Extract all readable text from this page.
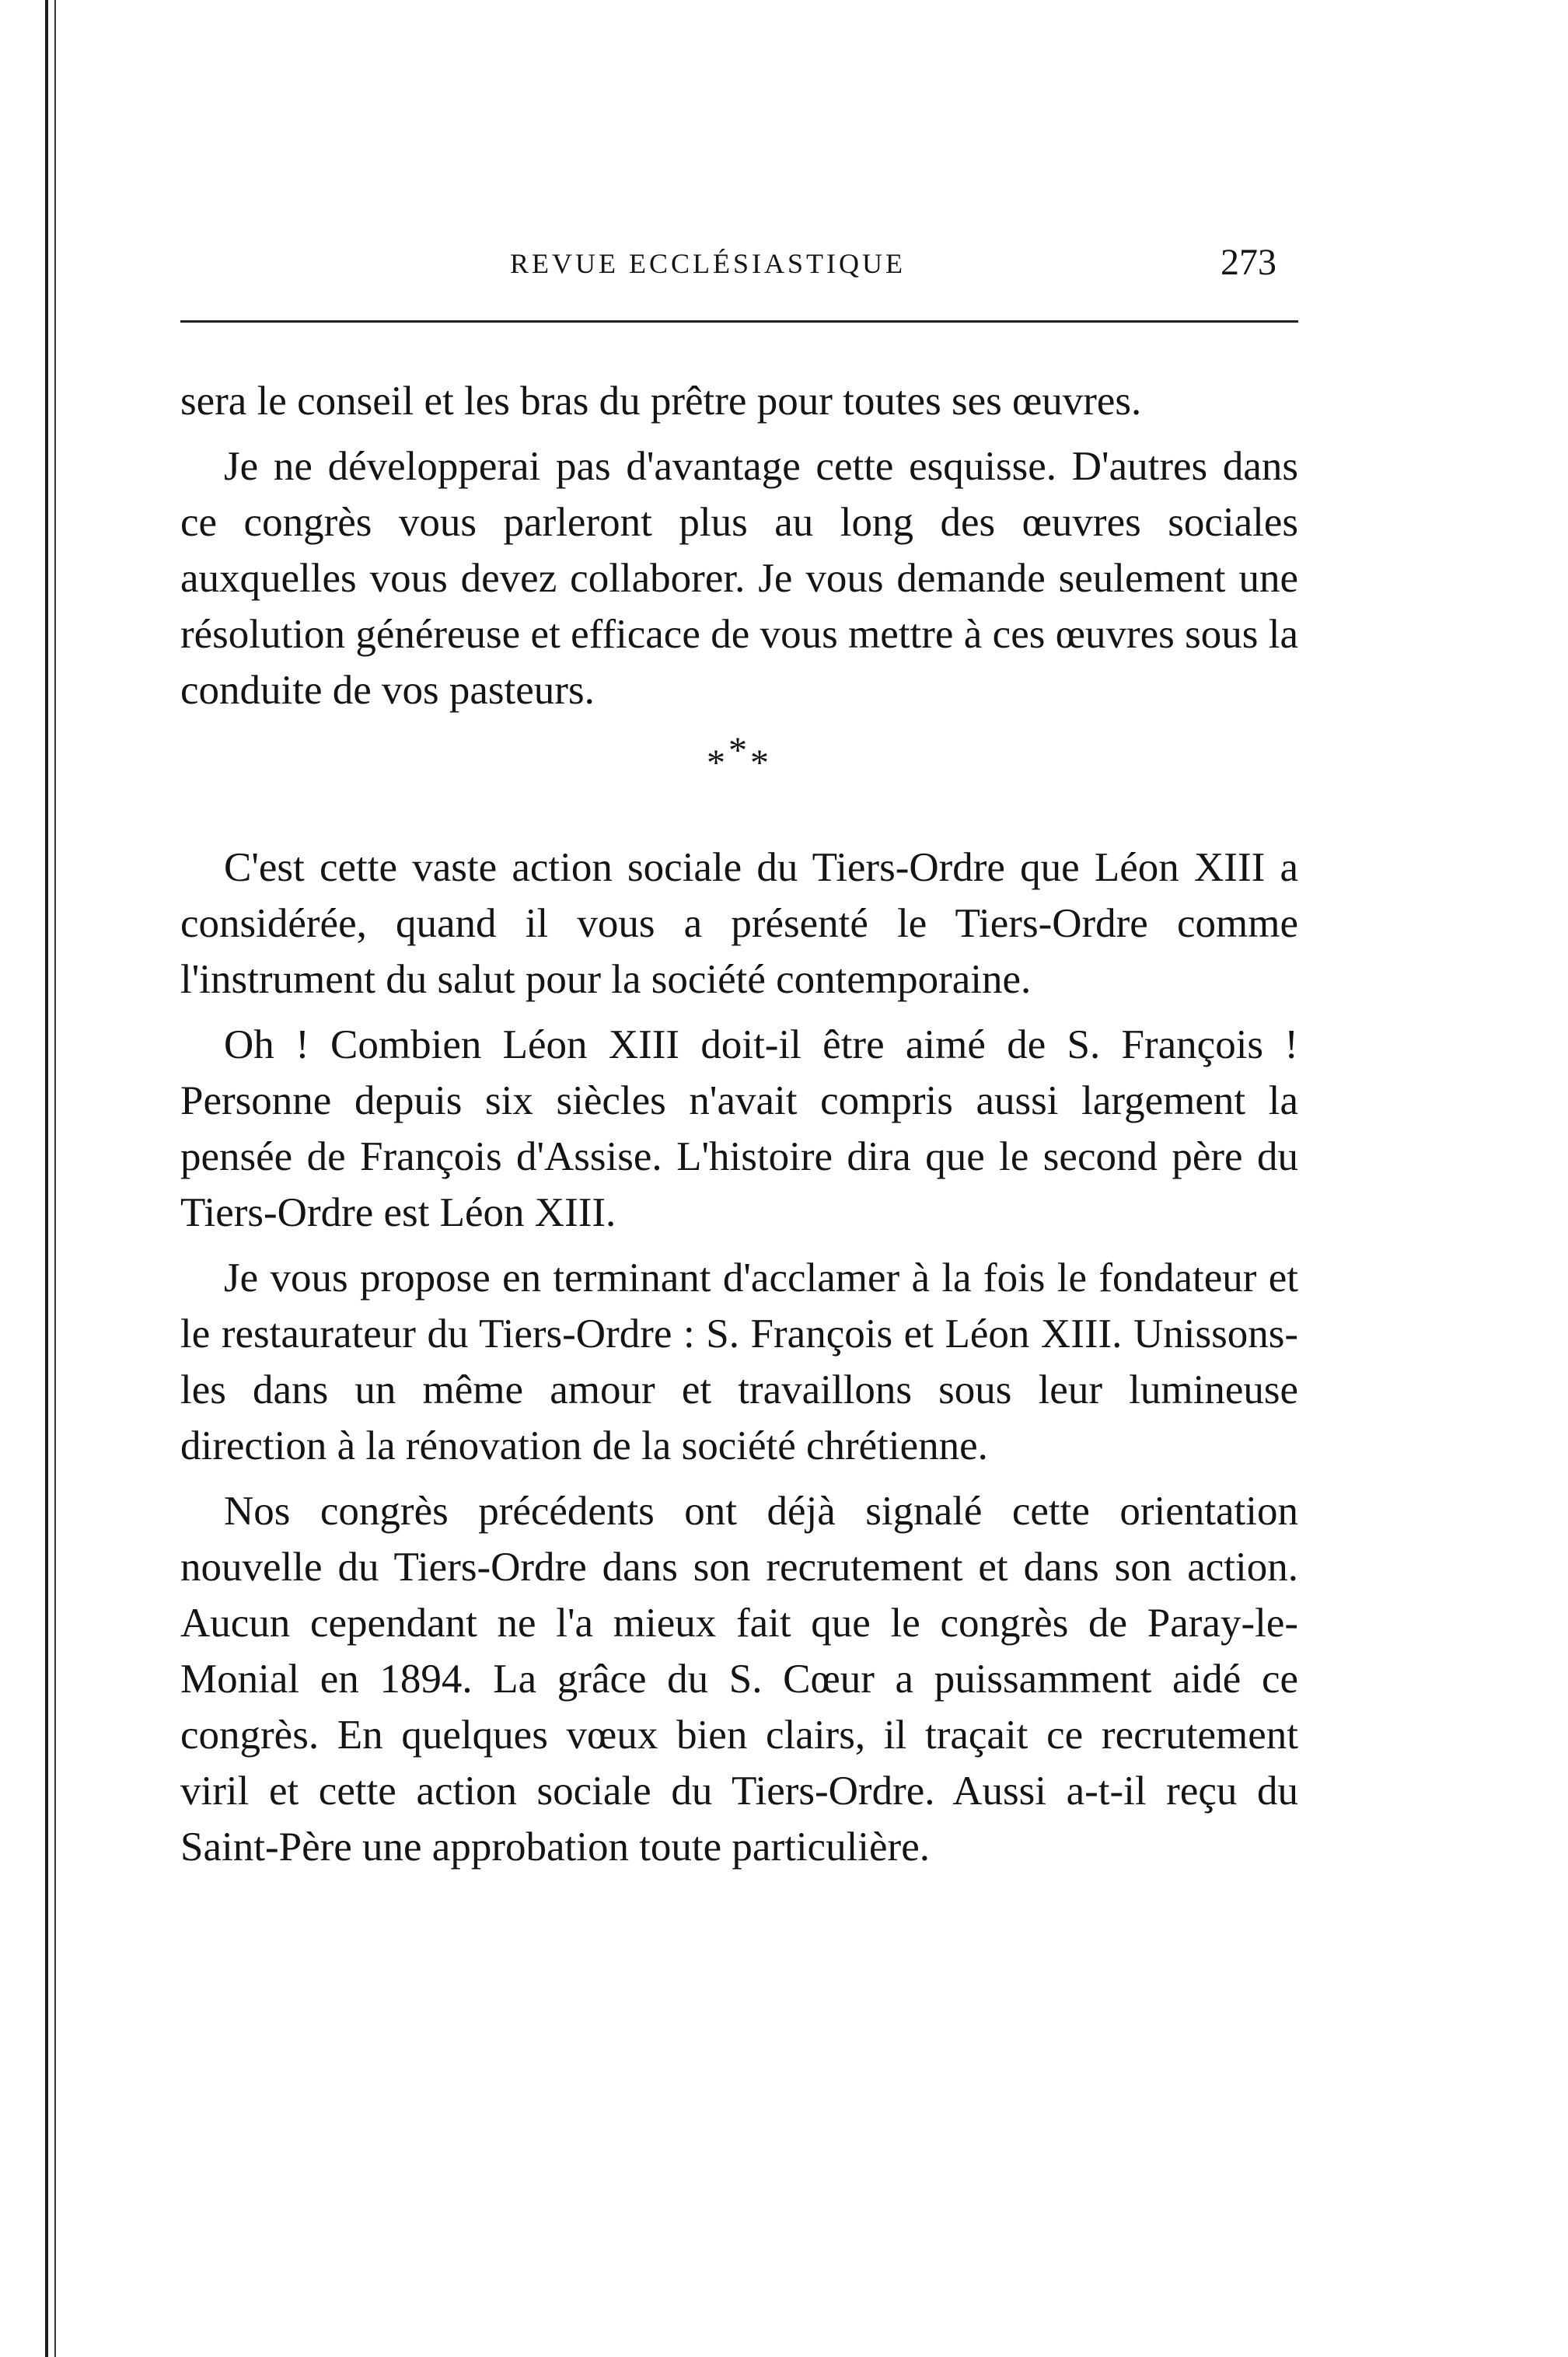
REVUE ECCLÉSIASTIQUE	273

sera le conseil et les bras du prêtre pour toutes ses œuvres.

Je ne développerai pas d'avantage cette esquisse. D'autres dans ce congrès vous parleront plus au long des œuvres sociales auxquelles vous devez collaborer. Je vous demande seulement une résolution généreuse et efficace de vous mettre à ces œuvres sous la conduite de vos pasteurs.

***

C'est cette vaste action sociale du Tiers-Ordre que Léon XIII a considérée, quand il vous a présenté le Tiers-Ordre comme l'instrument du salut pour la société contemporaine.

Oh ! Combien Léon XIII doit-il être aimé de S. François ! Personne depuis six siècles n'avait compris aussi largement la pensée de François d'Assise. L'histoire dira que le second père du Tiers-Ordre est Léon XIII.

Je vous propose en terminant d'acclamer à la fois le fondateur et le restaurateur du Tiers-Ordre : S. François et Léon XIII. Unissons-les dans un même amour et travaillons sous leur lumineuse direction à la rénovation de la société chrétienne.

Nos congrès précédents ont déjà signalé cette orientation nouvelle du Tiers-Ordre dans son recrutement et dans son action. Aucun cependant ne l'a mieux fait que le congrès de Paray-le-Monial en 1894. La grâce du S. Cœur a puissamment aidé ce congrès. En quelques vœux bien clairs, il traçait ce recrutement viril et cette action sociale du Tiers-Ordre. Aussi a-t-il reçu du Saint-Père une approbation toute particulière.
